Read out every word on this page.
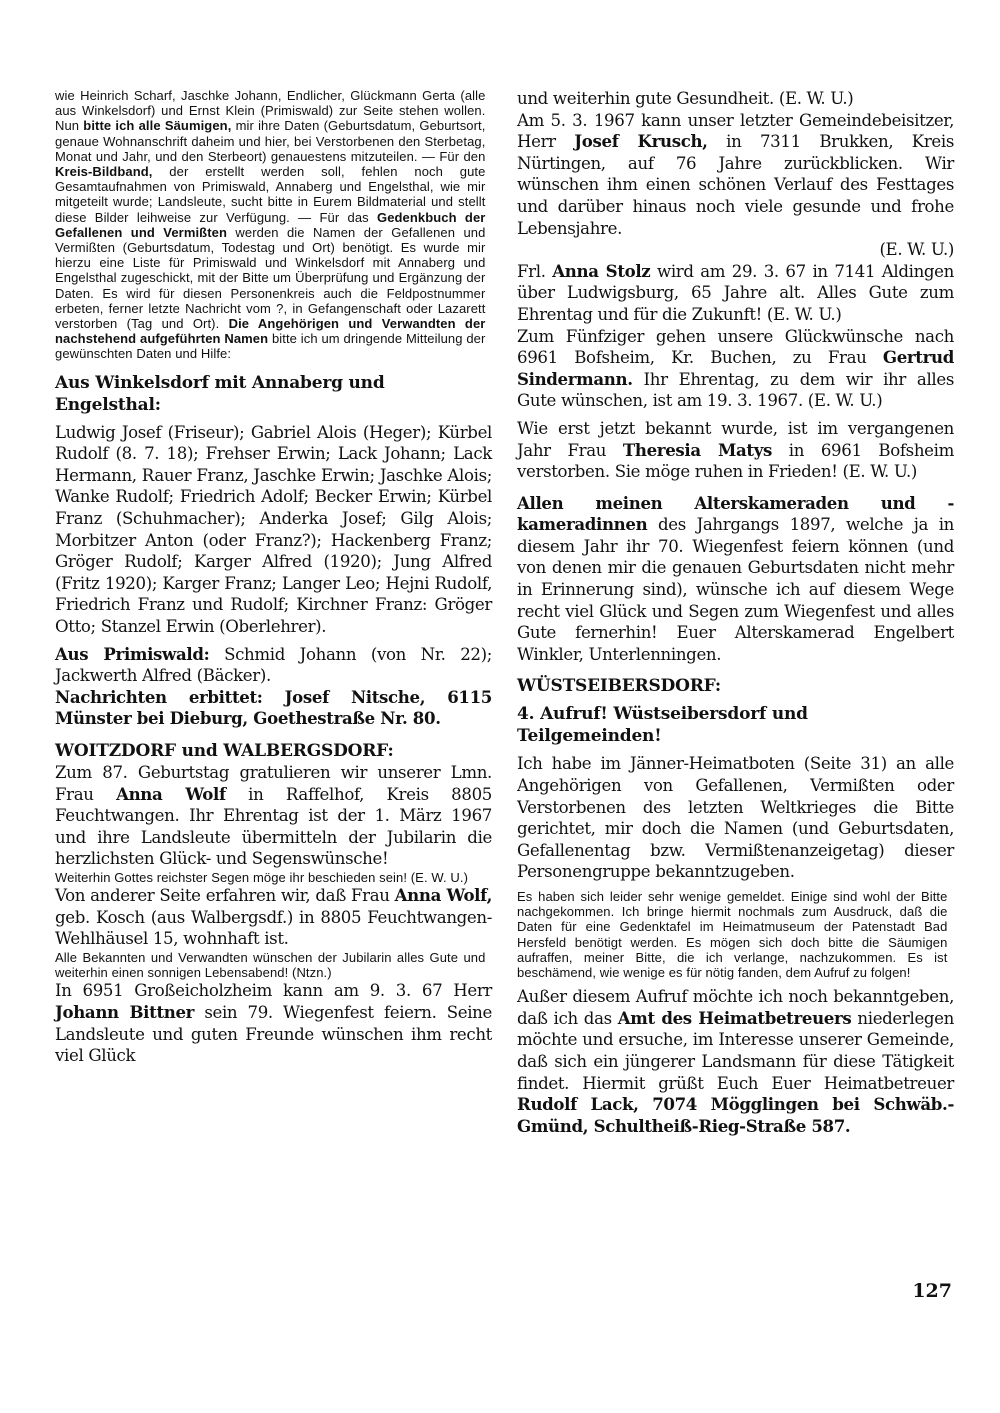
wie Heinrich Scharf, Jaschke Johann, Endlicher, Glückmann Gerta (alle aus Winkelsdorf) und Ernst Klein (Primiswald) zur Seite stehen wollen. Nun bitte ich alle Säumigen, mir ihre Daten (Geburtsdatum, Geburtsort, genaue Wohnanschrift daheim und hier, bei Verstorbenen den Sterbetag, Monat und Jahr, und den Sterbeort) genauestens mitzuteilen. — Für den Kreis-Bildband, der erstellt werden soll, fehlen noch gute Gesamtaufnahmen von Primiswald, Annaberg und Engelsthal, wie mir mitgeteilt wurde; Landsleute, sucht bitte in Eurem Bildmaterial und stellt diese Bilder leihweise zur Verfügung. — Für das Gedenkbuch der Gefallenen und Vermißten werden die Namen der Gefallenen und Vermißten (Geburtsdatum, Todestag und Ort) benötigt. Es wurde mir hierzu eine Liste für Primiswald und Winkelsdorf mit Annaberg und Engelsthal zugeschickt, mit der Bitte um Überprüfung und Ergänzung der Daten. Es wird für diesen Personenkreis auch die Feldpostnummer erbeten, ferner letzte Nachricht vom ?, in Gefangenschaft oder Lazarett verstorben (Tag und Ort). Die Angehörigen und Verwandten der nachstehend aufgeführten Namen bitte ich um dringende Mitteilung der gewünschten Daten und Hilfe:

Aus Winkelsdorf mit Annaberg und Engelsthal:

Ludwig Josef (Friseur); Gabriel Alois (Heger); Kürbel Rudolf (8. 7. 18); Frehser Erwin; Lack Johann; Lack Hermann, Rauer Franz, Jaschke Erwin; Jaschke Alois; Wanke Rudolf; Friedrich Adolf; Becker Erwin; Kürbel Franz (Schuhmacher); Anderka Josef; Gilg Alois; Morbitzer Anton (oder Franz?); Hackenberg Franz; Gröger Rudolf; Karger Alfred (1920); Jung Alfred (Fritz 1920); Karger Franz; Langer Leo; Hejni Rudolf, Friedrich Franz und Rudolf; Kirchner Franz: Gröger Otto; Stanzel Erwin (Oberlehrer).

Aus Primiswald: Schmid Johann (von Nr. 22); Jackwerth Alfred (Bäcker).

Nachrichten erbittet: Josef Nitsche, 6115 Münster bei Dieburg, Goethestraße Nr. 80.

WOITZDORF und WALBERGSDORF:

Zum 87. Geburtstag gratulieren wir unserer Lmn. Frau Anna Wolf in Raffelhof, Kreis 8805 Feuchtwangen. Ihr Ehrentag ist der 1. März 1967 und ihre Landsleute übermitteln der Jubilarin die herzlichsten Glück- und Segenswünsche!

Weiterhin Gottes reichster Segen möge ihr beschieden sein! (E. W. U.)

Von anderer Seite erfahren wir, daß Frau Anna Wolf, geb. Kosch (aus Walbergsdf.) in 8805 Feuchtwangen-Wehlhäusel 15, wohnhaft ist.

Alle Bekannten und Verwandten wünschen der Jubilarin alles Gute und weiterhin einen sonnigen Lebensabend! (Ntzn.)

In 6951 Großeicholzheim kann am 9. 3. 67 Herr Johann Bittner sein 79. Wiegenfest feiern. Seine Landsleute und guten Freunde wünschen ihm recht viel Glück

und weiterhin gute Gesundheit. (E. W. U.)

Am 5. 3. 1967 kann unser letzter Gemeindebeisitzer, Herr Josef Krusch, in 7311 Brukken, Kreis Nürtingen, auf 76 Jahre zurückblicken. Wir wünschen ihm einen schönen Verlauf des Festtages und darüber hinaus noch viele gesunde und frohe Lebensjahre.

(E. W. U.)

Frl. Anna Stolz wird am 29. 3. 67 in 7141 Aldingen über Ludwigsburg, 65 Jahre alt. Alles Gute zum Ehrentag und für die Zukunft! (E. W. U.)

Zum Fünfziger gehen unsere Glückwünsche nach 6961 Bofsheim, Kr. Buchen, zu Frau Gertrud Sindermann. Ihr Ehrentag, zu dem wir ihr alles Gute wünschen, ist am 19. 3. 1967. (E. W. U.)

Wie erst jetzt bekannt wurde, ist im vergangenen Jahr Frau Theresia Matys in 6961 Bofsheim verstorben. Sie möge ruhen in Frieden! (E. W. U.)

Allen meinen Alterskameraden und -kameradinnen des Jahrgangs 1897, welche ja in diesem Jahr ihr 70. Wiegenfest feiern können (und von denen mir die genauen Geburtsdaten nicht mehr in Erinnerung sind), wünsche ich auf diesem Wege recht viel Glück und Segen zum Wiegenfest und alles Gute fernerhin! Euer Alterskamerad Engelbert Winkler, Unterlenningen.

WÜSTSEIBERSDORF:

4. Aufruf! Wüstseibersdorf und Teilgemeinden!

Ich habe im Jänner-Heimatboten (Seite 31) an alle Angehörigen von Gefallenen, Vermißten oder Verstorbenen des letzten Weltkrieges die Bitte gerichtet, mir doch die Namen (und Geburtsdaten, Gefallenentag bzw. Vermißtenanzeigetag) dieser Personengruppe bekanntzugeben.

Es haben sich leider sehr wenige gemeldet. Einige sind wohl der Bitte nachgekommen. Ich bringe hiermit nochmals zum Ausdruck, daß die Daten für eine Gedenktafel im Heimatmuseum der Patenstadt Bad Hersfeld benötigt werden. Es mögen sich doch bitte die Säumigen aufraffen, meiner Bitte, die ich verlange, nachzukommen. Es ist beschämend, wie wenige es für nötig fanden, dem Aufruf zu folgen!

Außer diesem Aufruf möchte ich noch bekanntgeben, daß ich das Amt des Heimatbetreuers niederlegen möchte und ersuche, im Interesse unserer Gemeinde, daß sich ein jüngerer Landsmann für diese Tätigkeit findet. Hiermit grüßt Euch Euer Heimatbetreuer Rudolf Lack, 7074 Mögglingen bei Schwäb.-Gmünd, Schultheiß-Rieg-Straße 587.

127
